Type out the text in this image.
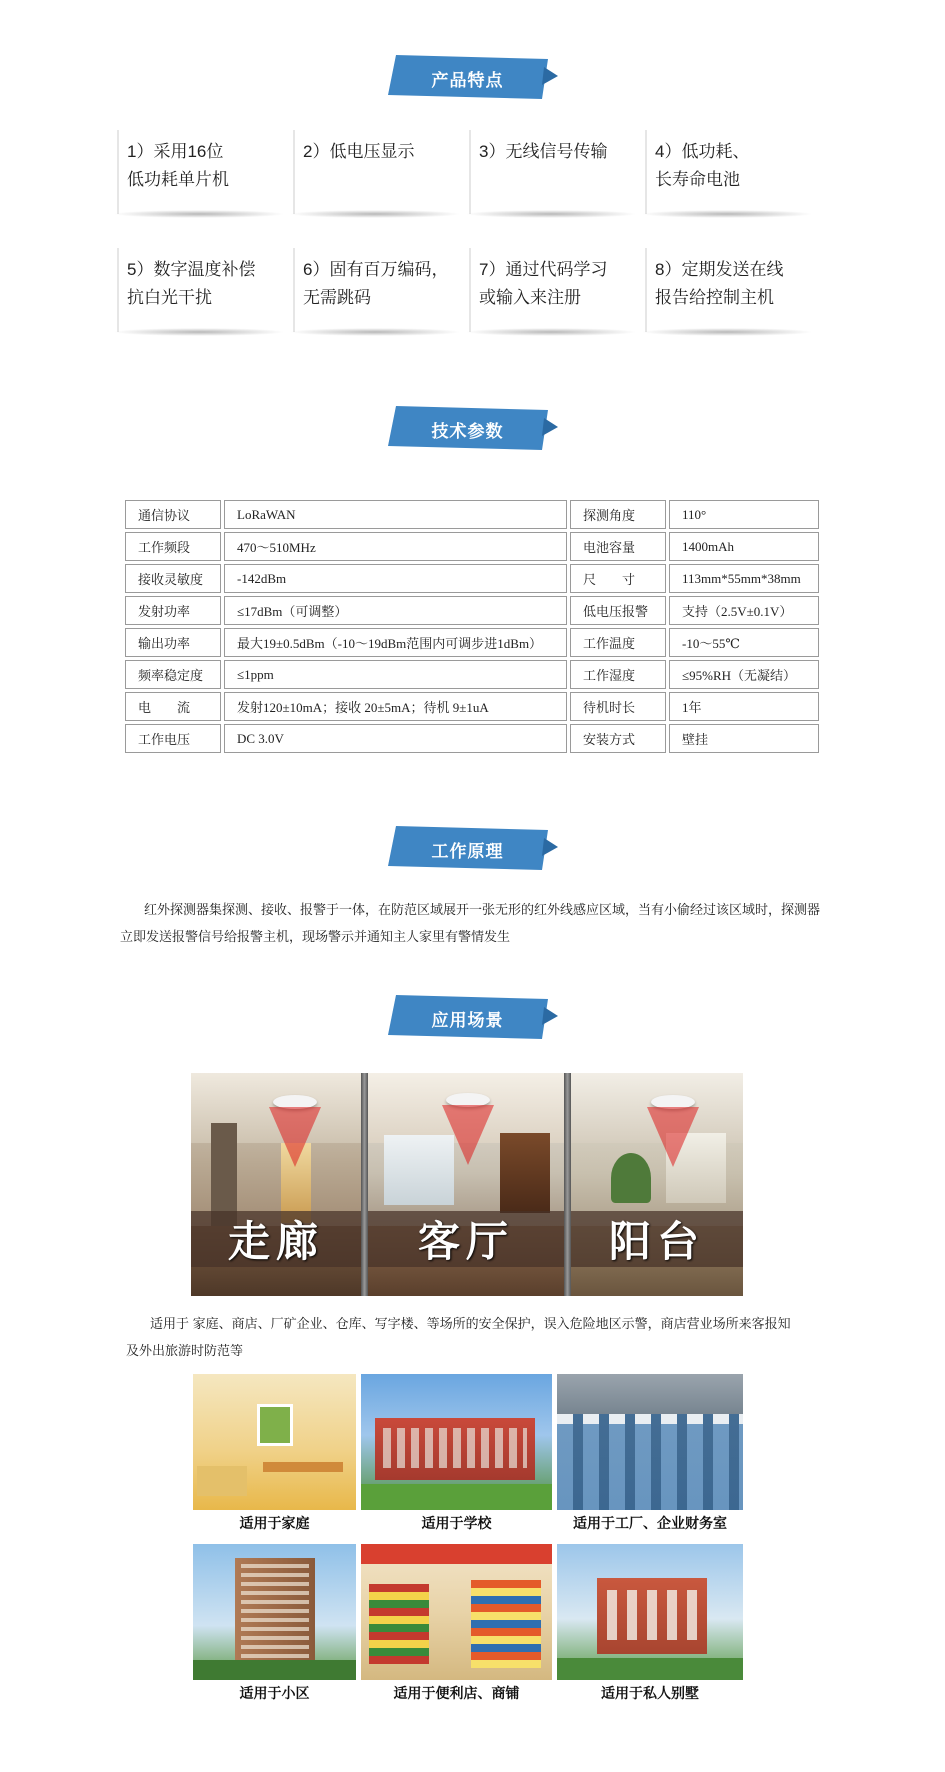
产品特点
1）采用16位
低功耗单片机
2）低电压显示	3）无线信号传输	4）低功耗、
长寿命电池
5）数字温度补偿
抗白光干扰
6）固有百万编码，
无需跳码
7）通过代码学习
或输入来注册
8）定期发送在线
报告给控制主机
技术参数
通信协议	LoRaWAN	探测角度	110°
工作频段	470～510MHz	电池容量	1400mAh
接收灵敏度	-142dBm	尺　　寸	113mm*55mm*38mm
发射功率	≤17dBm（可调整）	低电压报警	支持（2.5V±0.1V）
输出功率	最大19±0.5dBm（-10～19dBm范围内可调步进1dBm）	工作温度	-10～55℃
频率稳定度	≤1ppm	工作湿度	≤95%RH（无凝结）
电　　流	发射120±10mA；接收 20±5mA；待机 9±1uA	待机时长	1年
工作电压	DC 3.0V	安装方式	壁挂
工作原理
红外探测器集探测、接收、报警于一体，在防范区域展开一张无形的红外线感应区域，当有小偷经过该区域时，探测器
立即发送报警信号给报警主机，现场警示并通知主人家里有警情发生
应用场景
走廊	客厅	阳台
适用于 家庭、商店、厂矿企业、仓库、写字楼、等场所的安全保护，误入危险地区示警，商店营业场所来客报知
及外出旅游时防范等
适用于家庭	适用于学校	适用于工厂、企业财务室
适用于小区	适用于便利店、商铺	适用于私人别墅
